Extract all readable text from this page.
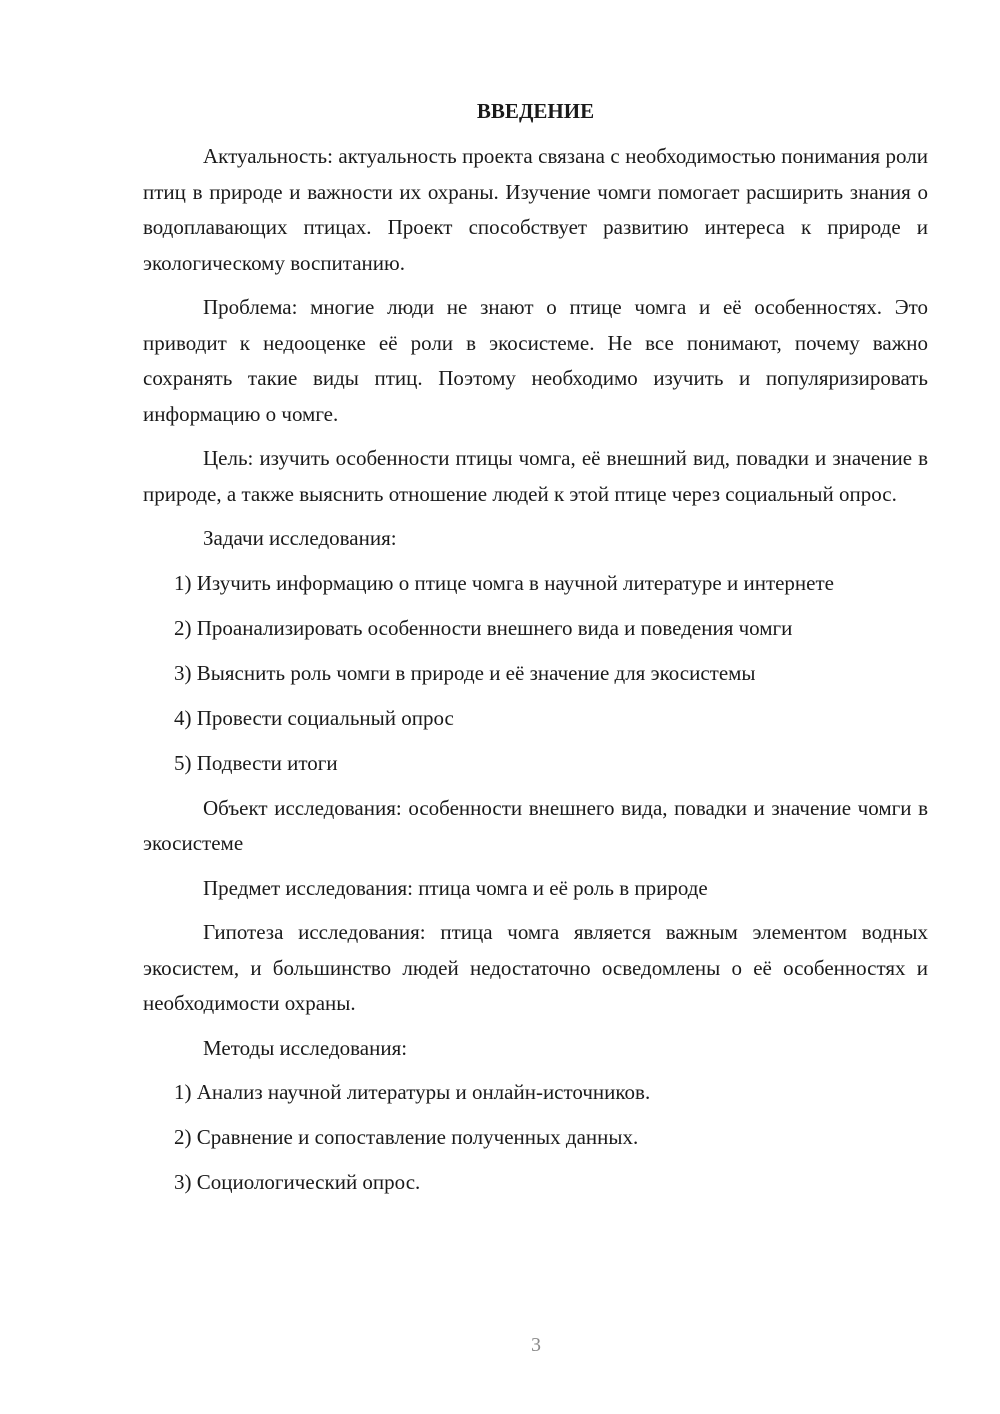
ВВЕДЕНИЕ

Актуальность: актуальность проекта связана с необходимостью понимания роли птиц в природе и важности их охраны. Изучение чомги помогает расширить знания о водоплавающих птицах. Проект способствует развитию интереса к природе и экологическому воспитанию.

Проблема: многие люди не знают о птице чомга и её особенностях. Это приводит к недооценке её роли в экосистеме. Не все понимают, почему важно сохранять такие виды птиц. Поэтому необходимо изучить и популяризировать информацию о чомге.

Цель: изучить особенности птицы чомга, её внешний вид, повадки и значение в природе, а также выяснить отношение людей к этой птице через социальный опрос.

Задачи исследования:

1) Изучить информацию о птице чомга в научной литературе и интернете

2) Проанализировать особенности внешнего вида и поведения чомги

3) Выяснить роль чомги в природе и её значение для экосистемы

4) Провести социальный опрос

5) Подвести итоги

Объект исследования: особенности внешнего вида, повадки и значение чомги в экосистеме

Предмет исследования: птица чомга и её роль в природе

Гипотеза исследования: птица чомга является важным элементом водных экосистем, и большинство людей недостаточно осведомлены о её особенностях и необходимости охраны.

Методы исследования:

1) Анализ научной литературы и онлайн-источников.

2) Сравнение и сопоставление полученных данных.

3) Социологический опрос.

3
